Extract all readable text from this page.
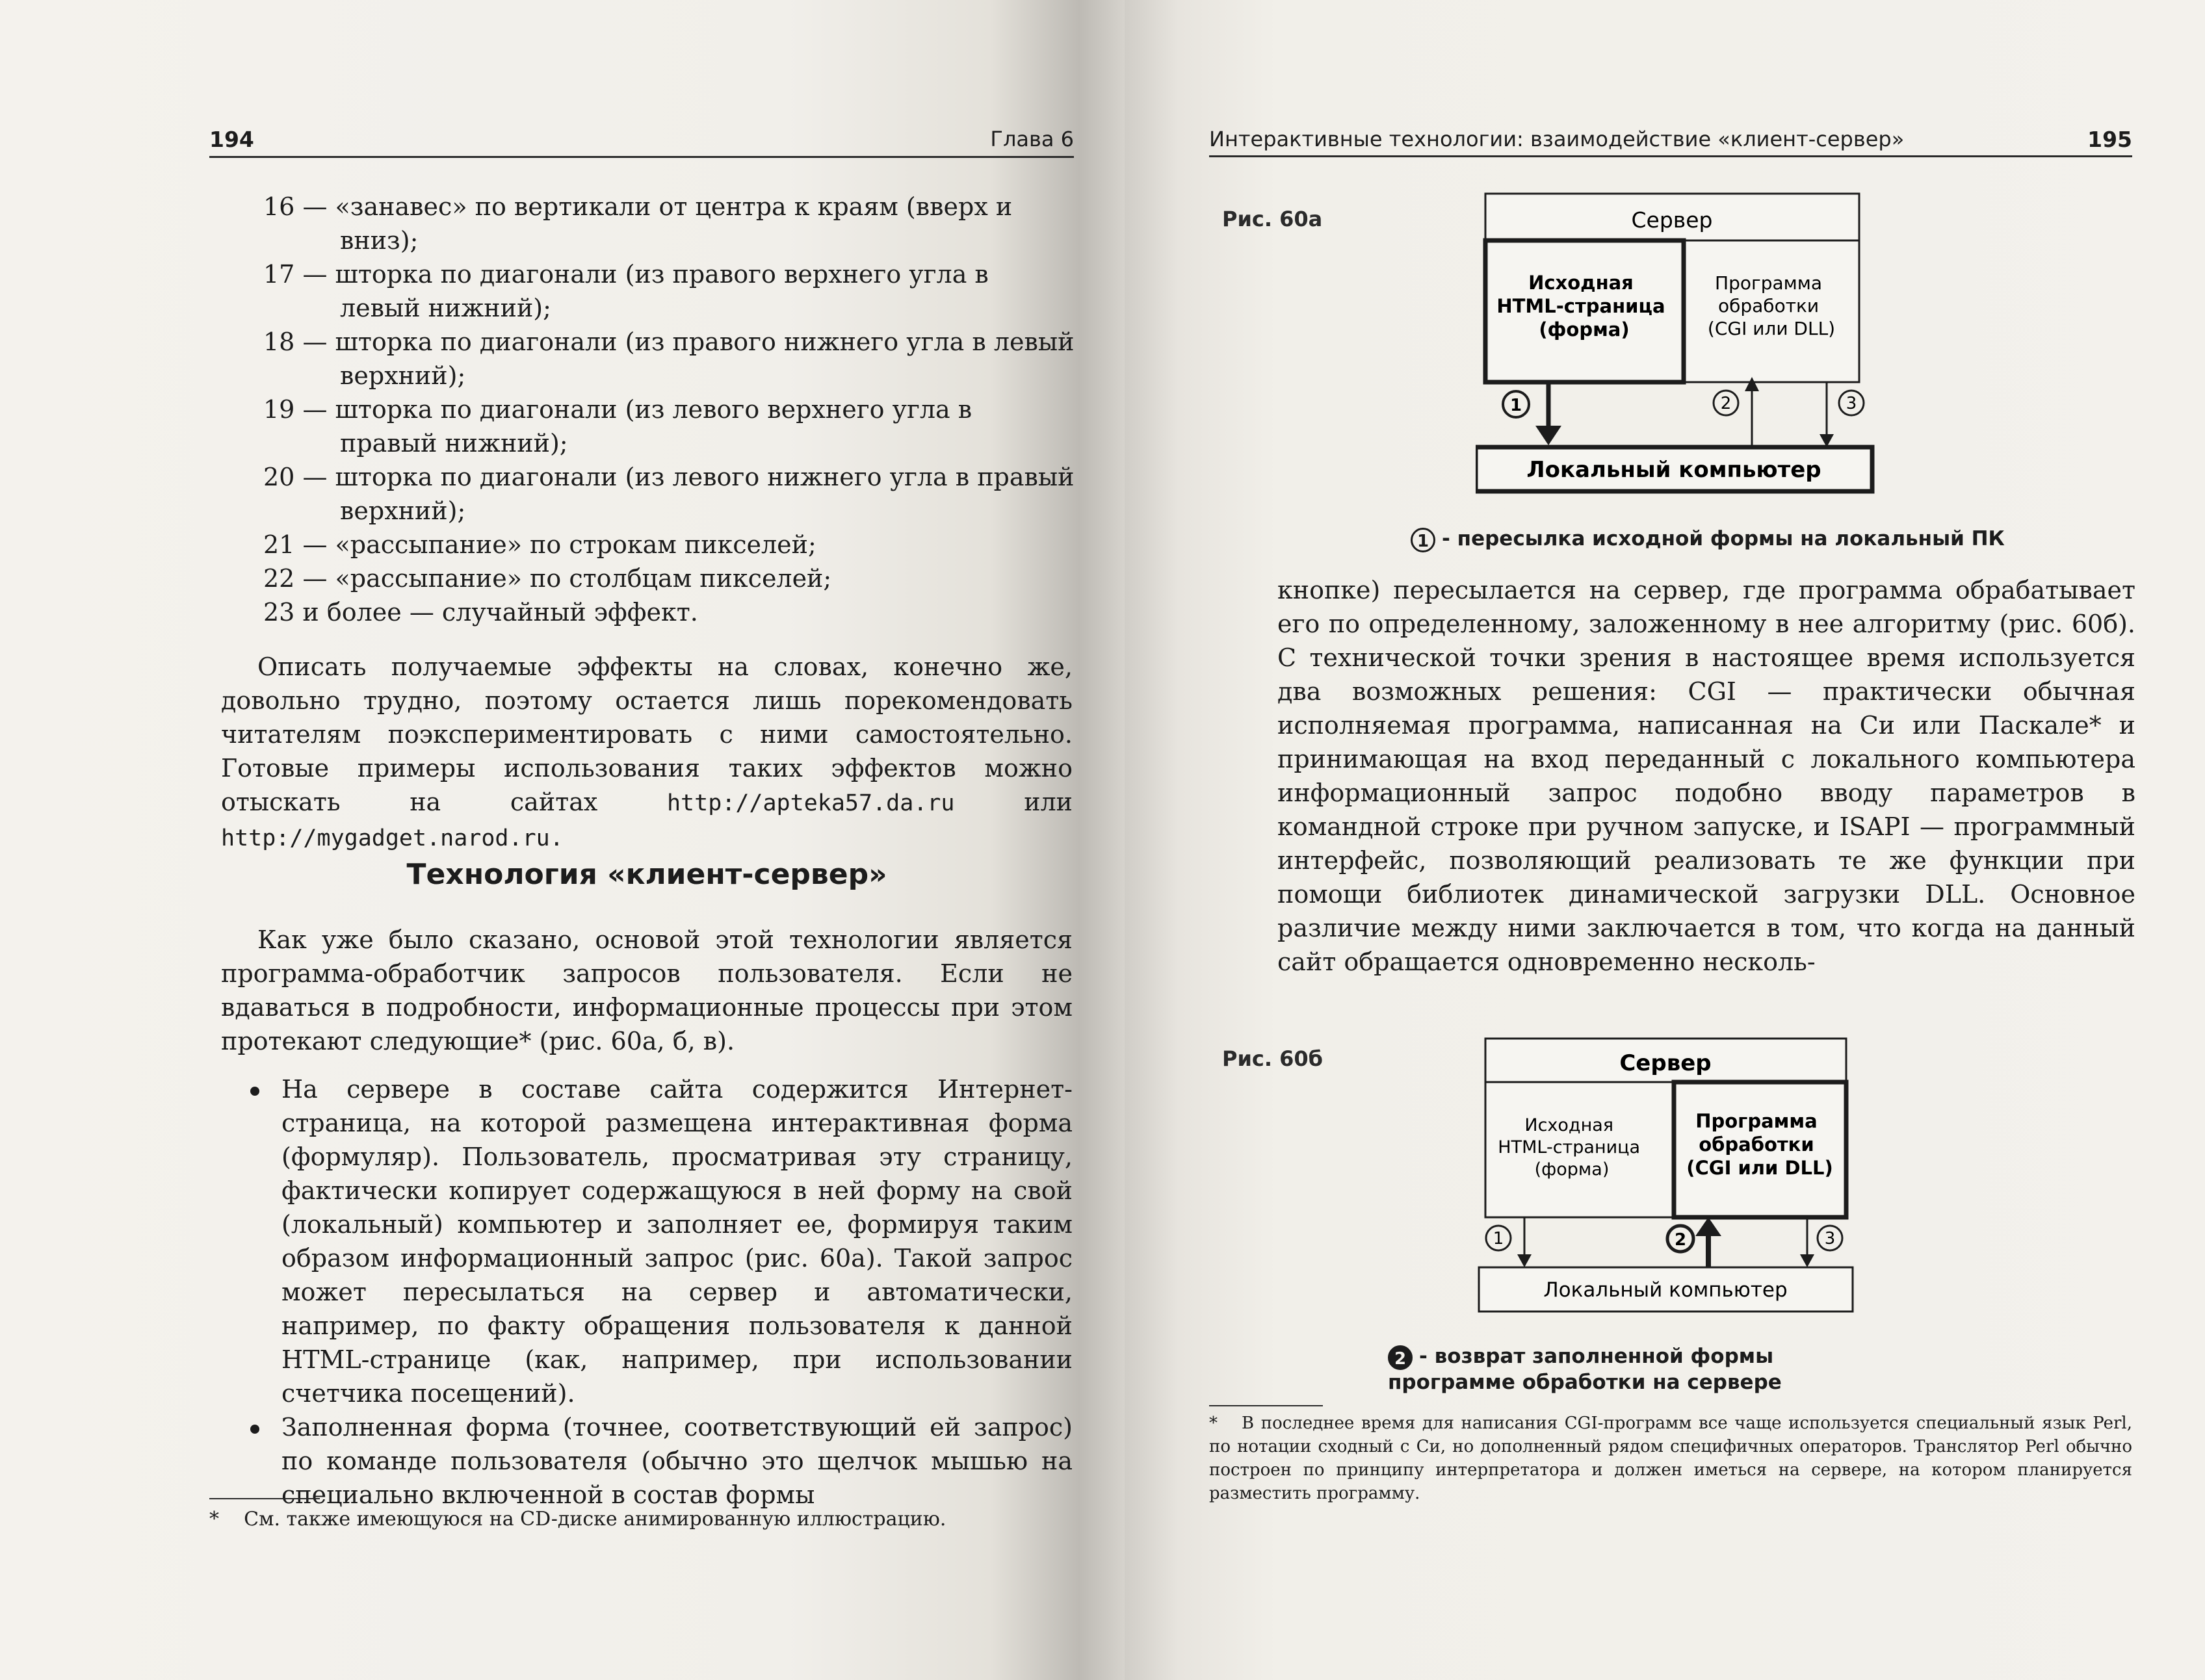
194	Глава 6

16 — «занавес» по вертикали от центра к краям (вверх и вниз);

17 — шторка по диагонали (из правого верхнего угла в левый нижний);

18 — шторка по диагонали (из правого нижнего угла в левый верхний);

19 — шторка по диагонали (из левого верхнего угла в правый нижний);

20 — шторка по диагонали (из левого нижнего угла в правый верхний);

21 — «рассыпание» по строкам пикселей;

22 — «рассыпание» по столбцам пикселей;

23 и более — случайный эффект.

Описать получаемые эффекты на словах, конечно же, довольно трудно, поэтому остается лишь порекомендовать читателям поэкспериментировать с ними самостоятельно. Готовые примеры использования таких эффектов можно отыскать на сайтах	http://apteka57.da.ru	или http://mygadget.narod.ru.

Технология «клиент-сервер»

Как уже было сказано, основой этой технологии является программа-обработчик запросов пользователя. Если не вдаваться в подробности, информационные процессы при этом протекают следующие* (рис. 60а, б, в).

На сервере в составе сайта содержится Интернет-страница, на которой размещена интерактивная форма (формуляр). Пользователь, просматривая эту страницу, фактически копирует содержащуюся в ней форму на свой (локальный) компьютер и заполняет ее, формируя таким образом информационный запрос (рис. 60а). Такой запрос может пересылаться на сервер и автоматически, например, по факту обращения пользователя к данной HTML-странице (как, например, при использовании счетчика посещений).
Заполненная форма (точнее, соответствующий ей запрос) по команде пользователя (обычно это щелчок мышью на специально включенной в состав формы
* См. также имеющуюся на CD-диске анимированную иллюстрацию.
Интерактивные технологии: взаимодействие «клиент-сервер»	195
Рис. 60а	Сервер
Исходная HTML-страница (форма)
Программа обработки (CGI или DLL)
1	2	3
Локальный компьютер
1 - пересылка исходной формы на локальный ПК

кнопке) пересылается на сервер, где программа обрабатывает его по определенному, заложенному в нее алгоритму (рис. 60б). С технической точки зрения в настоящее время используется два возможных решения: CGI — практически обычная исполняемая программа, написанная на Си или Паскале* и принимающая на вход переданный с локального компьютера информационный запрос подобно вводу параметров в командной строке при ручном запуске, и ISAPI — программный интерфейс, позволяющий реализовать те же функции при помощи библиотек динамической загрузки DLL. Основное различие между ними заключается в том, что когда на данный сайт обращается одновременно несколь-

Рис. 60б	Сервер
Исходная HTML-страница (форма)
Программа обработки (CGI или DLL)
1	2	3
Локальный компьютер
2 - возврат заполненной формы программе обработки на сервере
* В последнее время для написания CGI-программ все чаще используется специальный язык Perl, по нотации сходный с Си, но дополненный рядом специфичных операторов. Транслятор Perl обычно построен по принципу интерпретатора и должен иметься на сервере, на котором планируется разместить программу.
